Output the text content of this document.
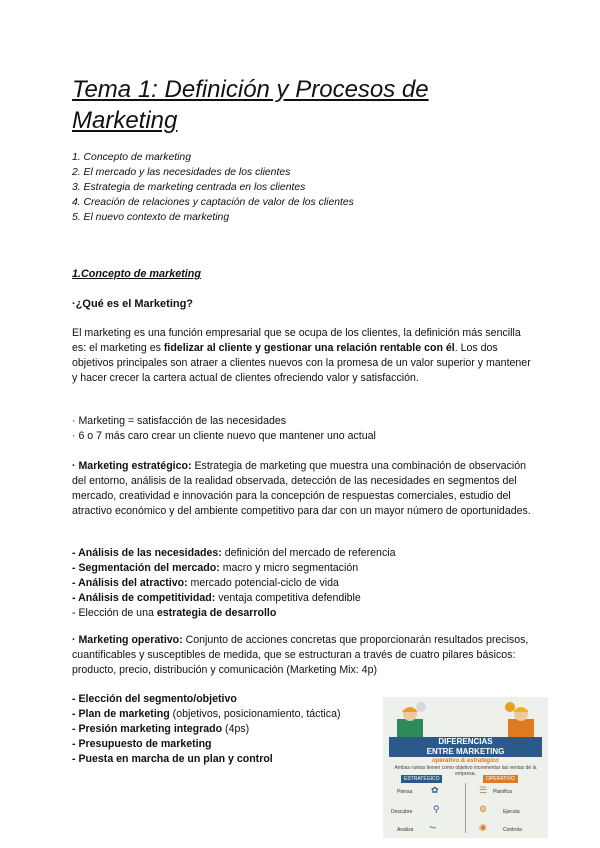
Tema 1: Definición y Procesos de Marketing
1. Concepto de marketing
2. El mercado y las necesidades de los clientes
3. Estrategia de marketing centrada en los clientes
4. Creación de relaciones y captación de valor de los clientes
5. El nuevo contexto de marketing
1.Concepto de marketing
·¿Qué es el Marketing?

El marketing es una función empresarial que se ocupa de los clientes, la definición más sencilla es: el marketing es fidelizar al cliente y gestionar una relación rentable con él. Los dos objetivos principales son atraer a clientes nuevos con la promesa de un valor superior y mantener y hacer crecer la cartera actual de clientes ofreciendo valor y satisfacción.

· Marketing = satisfacción de las necesidades
· 6 o 7 más caro crear un cliente nuevo que mantener uno actual

· Marketing estratégico: Estrategia de marketing que muestra una combinación de observación del entorno, análisis de la realidad observada, detección de las necesidades en segmentos del mercado, creatividad e innovación para la concepción de respuestas comerciales, estudio del atractivo económico y del ambiente competitivo para dar con un mayor número de oportunidades.

- Análisis de las necesidades: definición del mercado de referencia
- Segmentación del mercado: macro y micro segmentación
- Análisis del atractivo: mercado potencial-ciclo de vida
- Análisis de competitividad: ventaja competitiva defendible
- Elección de una estrategia de desarrollo

· Marketing operativo: Conjunto de acciones concretas que proporcionarán resultados precisos, cuantificables y susceptibles de medida, que se estructuran a través de cuatro pilares básicos: producto, precio, distribución y comunicación (Marketing Mix: 4p)

- Elección del segmento/objetivo
- Plan de marketing (objetivos, posicionamiento, táctica)
- Presión marketing integrado (4ps)
- Presupuesto de marketing
- Puesta en marcha de un plan y control
DIFERENCIAS
ENTRE MARKETING
operativo & estratégico
Ambas ramas tienen como objetivo incrementar las ventas de la empresa.
ESTRATÉGICO	OPERATIVO
Piensa	Planifica
Descubre	Ejecuta
Analiza	Controla
✿
⚲
⏦
☰
⚙
◉
